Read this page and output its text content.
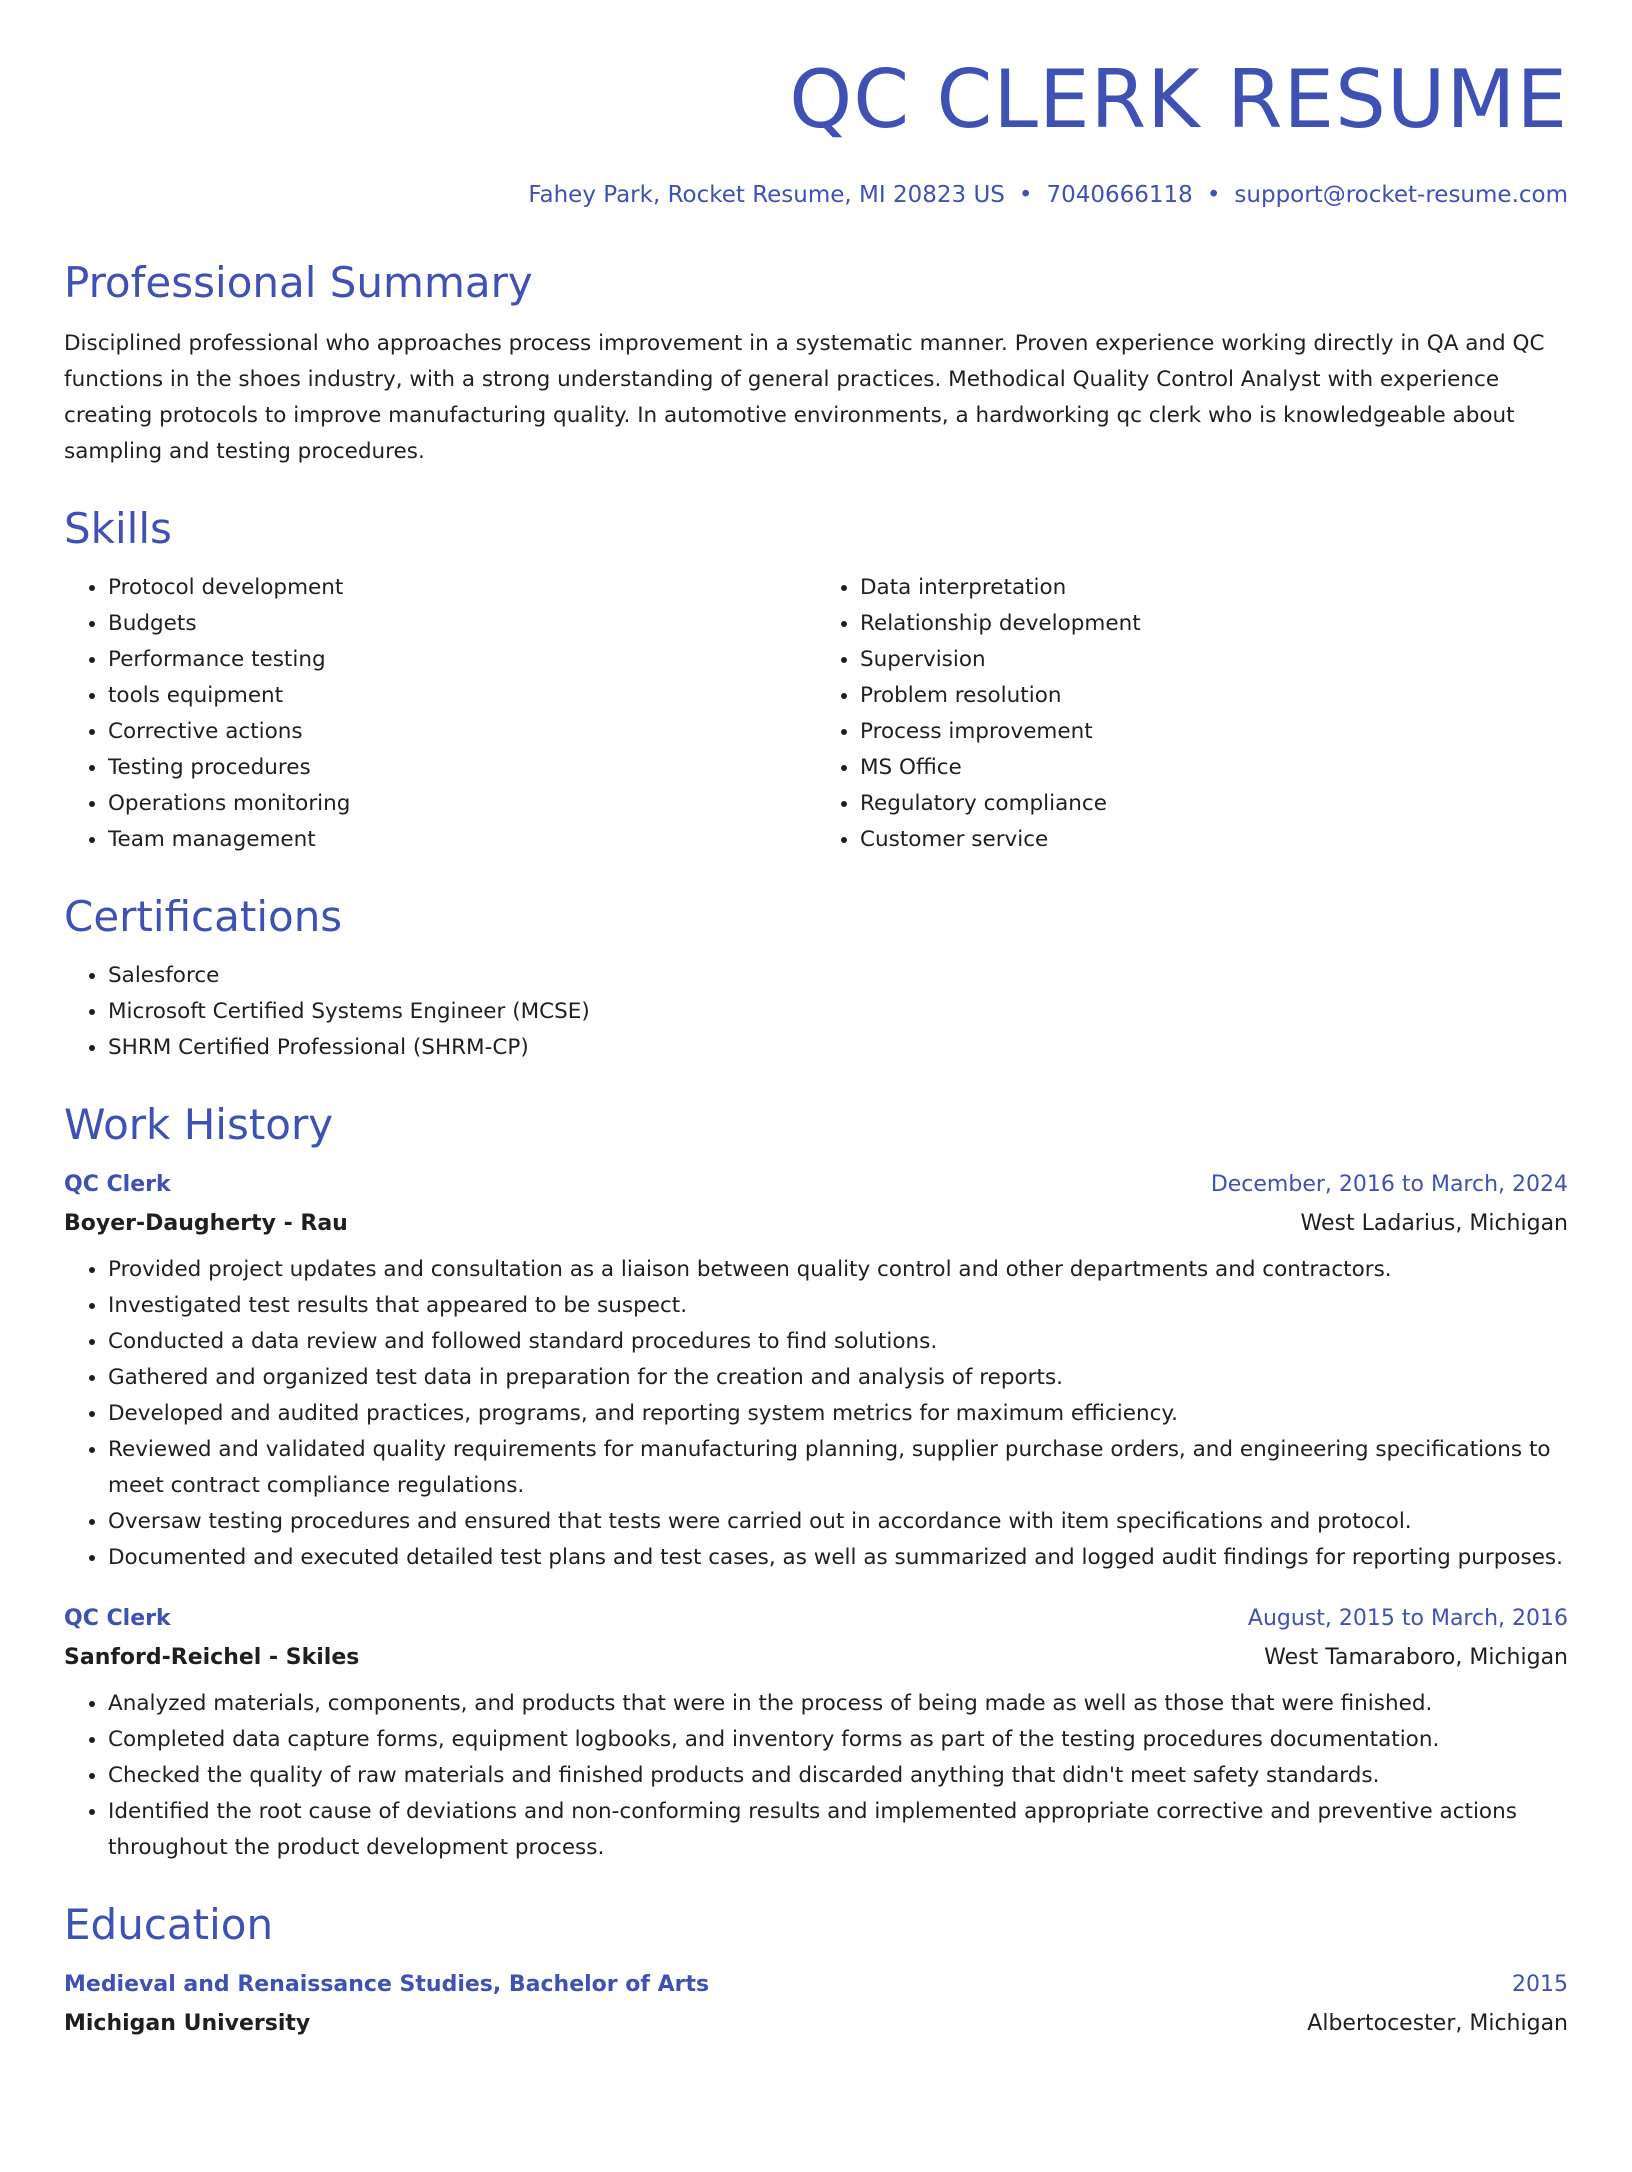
QC CLERK RESUME
Fahey Park, Rocket Resume, MI 20823 US • 7040666118 • support@rocket-resume.com
Professional Summary
Disciplined professional who approaches process improvement in a systematic manner. Proven experience working directly in QA and QC functions in the shoes industry, with a strong understanding of general practices. Methodical Quality Control Analyst with experience creating protocols to improve manufacturing quality. In automotive environments, a hardworking qc clerk who is knowledgeable about sampling and testing procedures.
Skills
• Protocol development
• Budgets
• Performance testing
• tools equipment
• Corrective actions
• Testing procedures
• Operations monitoring
• Team management
• Data interpretation
• Relationship development
• Supervision
• Problem resolution
• Process improvement
• MS Office
• Regulatory compliance
• Customer service
Certifications
• Salesforce
• Microsoft Certified Systems Engineer (MCSE)
• SHRM Certified Professional (SHRM-CP)
Work History
QC Clerk	December, 2016 to March, 2024
Boyer-Daugherty - Rau	West Ladarius, Michigan
• Provided project updates and consultation as a liaison between quality control and other departments and contractors.
• Investigated test results that appeared to be suspect.
• Conducted a data review and followed standard procedures to find solutions.
• Gathered and organized test data in preparation for the creation and analysis of reports.
• Developed and audited practices, programs, and reporting system metrics for maximum efficiency.
• Reviewed and validated quality requirements for manufacturing planning, supplier purchase orders, and engineering specifications to meet contract compliance regulations.
• Oversaw testing procedures and ensured that tests were carried out in accordance with item specifications and protocol.
• Documented and executed detailed test plans and test cases, as well as summarized and logged audit findings for reporting purposes.
QC Clerk	August, 2015 to March, 2016
Sanford-Reichel - Skiles	West Tamaraboro, Michigan
• Analyzed materials, components, and products that were in the process of being made as well as those that were finished.
• Completed data capture forms, equipment logbooks, and inventory forms as part of the testing procedures documentation.
• Checked the quality of raw materials and finished products and discarded anything that didn't meet safety standards.
• Identified the root cause of deviations and non-conforming results and implemented appropriate corrective and preventive actions throughout the product development process.
Education
Medieval and Renaissance Studies, Bachelor of Arts	2015
Michigan University	Albertocester, Michigan
